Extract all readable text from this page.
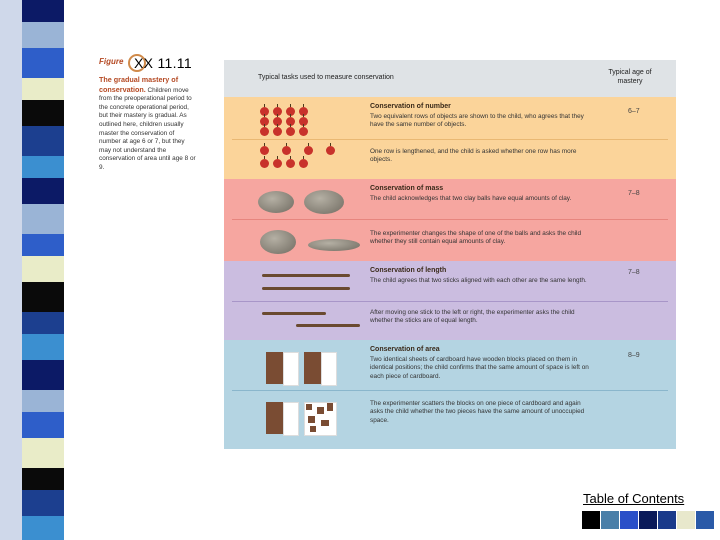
Figure XX 11.11
The gradual mastery of conservation. Children move from the preoperational period to the concrete operational period, but their mastery is gradual. As outlined here, children usually master the conservation of number at age 6 or 7, but they may not understand the conservation of area until age 8 or 9.
Typical tasks used to measure conservation
Typical age of mastery
Conservation of number
Two equivalent rows of objects are shown to the child, who agrees that they have the same number of objects.
One row is lengthened, and the child is asked whether one row has more objects.
6–7
Conservation of mass
The child acknowledges that two clay balls have equal amounts of clay.
The experimenter changes the shape of one of the balls and asks the child whether they still contain equal amounts of clay.
7–8
Conservation of length
The child agrees that two sticks aligned with each other are the same length.
After moving one stick to the left or right, the experimenter asks the child whether the sticks are of equal length.
7–8
Conservation of area
Two identical sheets of cardboard have wooden blocks placed on them in identical positions; the child confirms that the same amount of space is left on each piece of cardboard.
The experimenter scatters the blocks on one piece of cardboard and again asks the child whether the two pieces have the same amount of unoccupied space.
8–9
Table of Contents
